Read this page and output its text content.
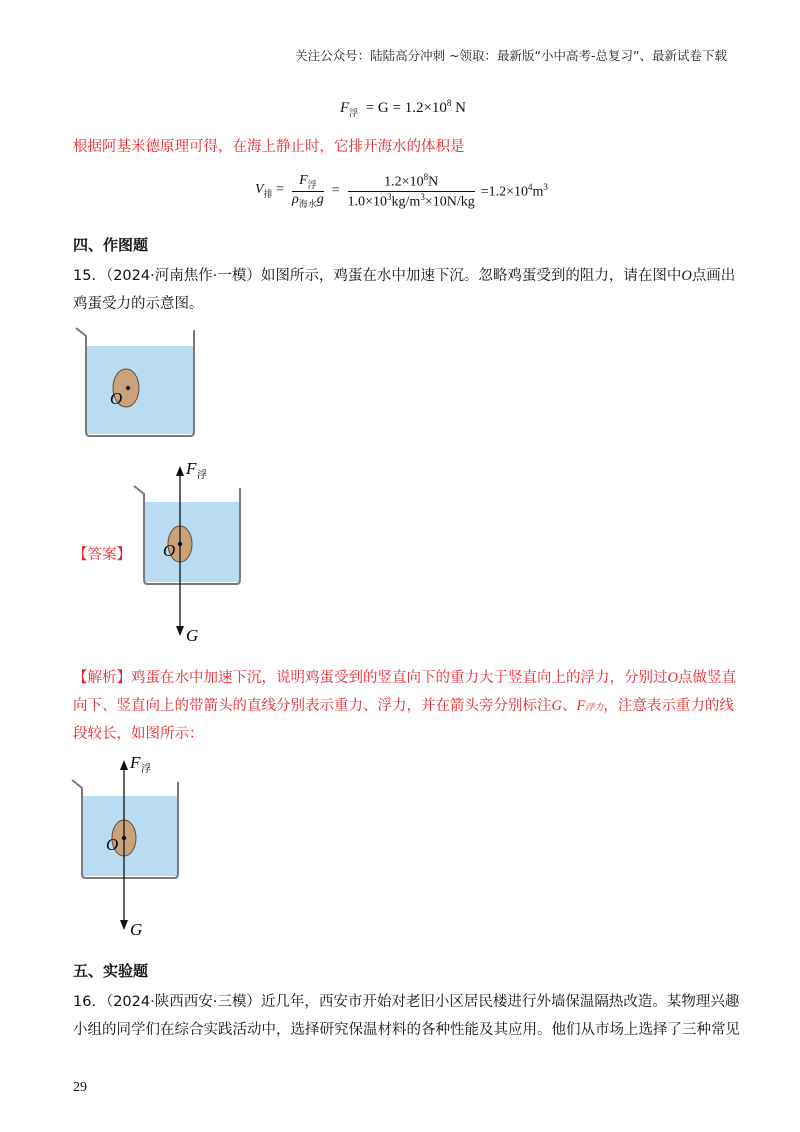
关注公众号：陆陆高分冲刺 ~领取：最新版“小中高考-总复习”、最新试卷下载
$F_浮 = G = 1.2\times 10^8$ N
根据阿基米德原理可得，在海上静止时，它排开海水的体积是
$V_排$ =	
$F_浮$
$\rho_{海水}g$
	=	
$1.2\times 10^8N$
$1.0\times 10^3kg/m^3\times 10N/kg$
	$=1.2\times 10^4m^3$
四、作图题
15．（2024·河南焦作·一模）如图所示，鸡蛋在水中加速下沉。忽略鸡蛋受到的阻力，请在图中O点画出
鸡蛋受力的示意图。
O
【答案】 O
F 浮
G
【解析】鸡蛋在水中加速下沉，说明鸡蛋受到的竖直向下的重力大于竖直向上的浮力，分别过O点做竖直
向下、竖直向上的带箭头的直线分别表示重力、浮力，并在箭头旁分别标注G、F浮力，注意表示重力的线
段较长，如图所示：
O
F 浮
G
五、实验题
16．（2024·陕西西安·三模）近几年，西安市开始对老旧小区居民楼进行外墙保温隔热改造。某物理兴趣
小组的同学们在综合实践活动中，选择研究保温材料的各种性能及其应用。他们从市场上选择了三种常见
29
